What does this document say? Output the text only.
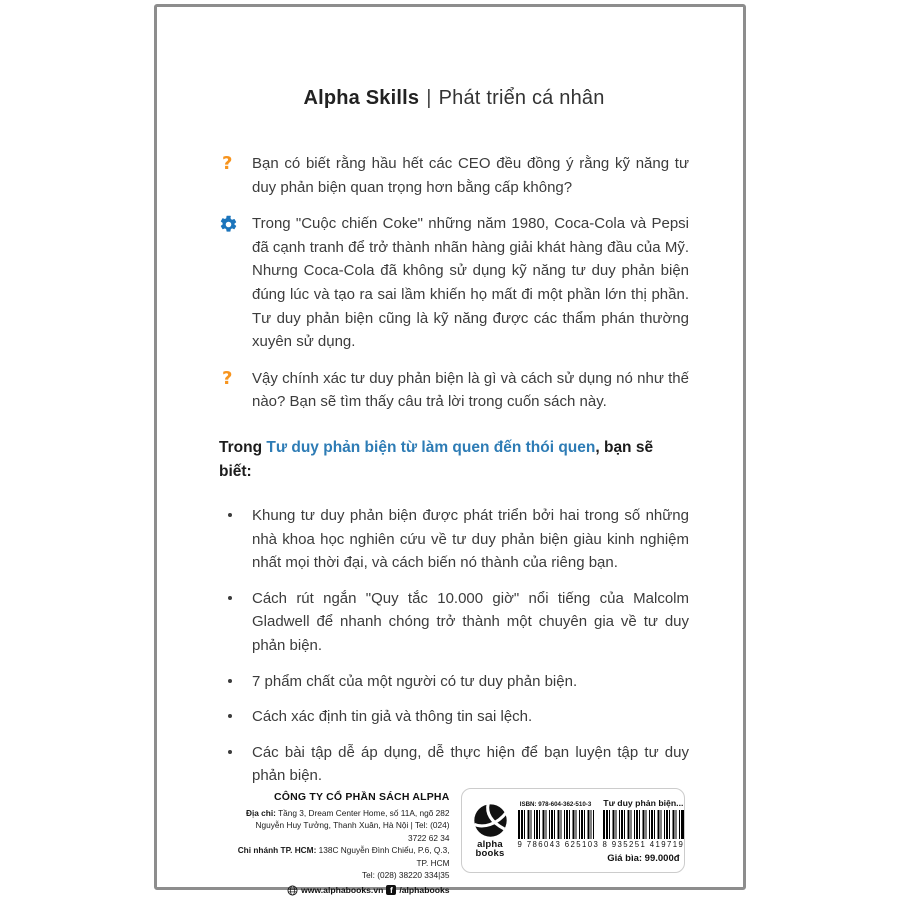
Alpha Skills | Phát triển cá nhân
? Bạn có biết rằng hầu hết các CEO đều đồng ý rằng kỹ năng tư duy phản biện quan trọng hơn bằng cấp không?
Trong "Cuộc chiến Coke" những năm 1980, Coca-Cola và Pepsi đã cạnh tranh để trở thành nhãn hàng giải khát hàng đầu của Mỹ. Nhưng Coca-Cola đã không sử dụng kỹ năng tư duy phản biện đúng lúc và tạo ra sai lầm khiến họ mất đi một phần lớn thị phần. Tư duy phản biện cũng là kỹ năng được các thẩm phán thường xuyên sử dụng.
? Vậy chính xác tư duy phản biện là gì và cách sử dụng nó như thế nào? Bạn sẽ tìm thấy câu trả lời trong cuốn sách này.

Trong Tư duy phản biện từ làm quen đến thói quen, bạn sẽ biết:

Khung tư duy phản biện được phát triển bởi hai trong số những nhà khoa học nghiên cứu về tư duy phản biện giàu kinh nghiệm nhất mọi thời đại, và cách biến nó thành của riêng bạn.
Cách rút ngắn "Quy tắc 10.000 giờ" nổi tiếng của Malcolm Gladwell để nhanh chóng trở thành một chuyên gia về tư duy phản biện.
7 phẩm chất của một người có tư duy phản biện.
Cách xác định tin giả và thông tin sai lệch.
Các bài tập dễ áp dụng, dễ thực hiện để bạn luyện tập tư duy phản biện.
CÔNG TY CỔ PHẦN SÁCH ALPHA
Địa chỉ: Tầng 3, Dream Center Home, số 11A, ngõ 282
Nguyễn Huy Tưởng, Thanh Xuân, Hà Nội | Tel: (024) 3722 62 34
Chi nhánh TP. HCM: 138C Nguyễn Đình Chiểu, P.6, Q.3, TP. HCM
Tel: (028) 38220 334|35
www.alphabooks.vn f /alphabooks
alpha
books
ISBN: 978-604-362-510-3
9 786043 625103
Tư duy phản biện...
8 935251 419719
Giá bìa: 99.000đ
